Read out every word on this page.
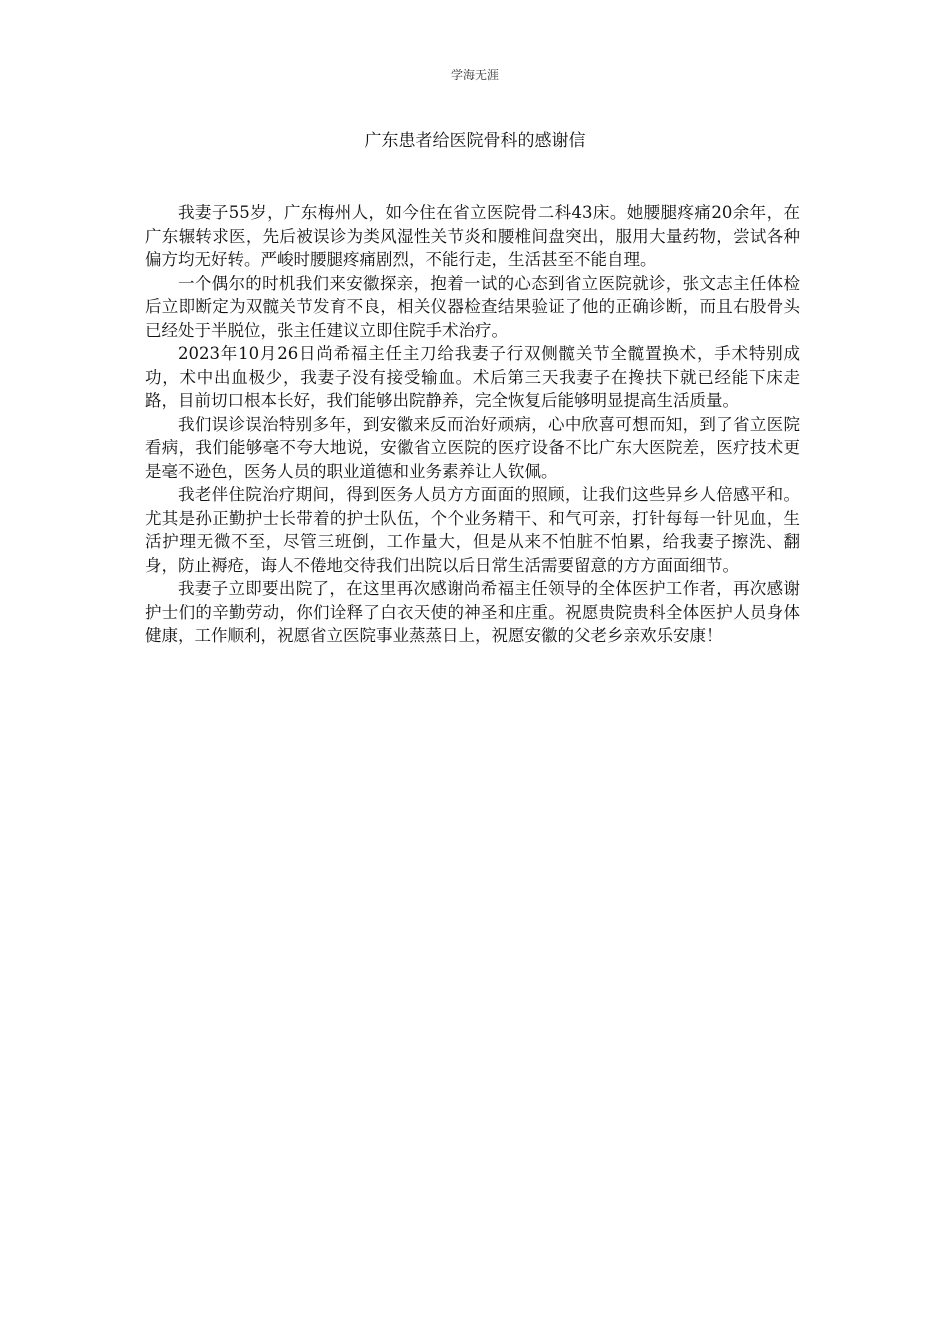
学海无涯
广东患者给医院骨科的感谢信

我妻子55岁，广东梅州人，如今住在省立医院骨二科43床。她腰腿疼痛20余年，在广东辗转求医，先后被误诊为类风湿性关节炎和腰椎间盘突出，服用大量药物，尝试各种偏方均无好转。严峻时腰腿疼痛剧烈，不能行走，生活甚至不能自理。

一个偶尔的时机我们来安徽探亲，抱着一试的心态到省立医院就诊，张文志主任体检后立即断定为双髋关节发育不良，相关仪器检查结果验证了他的正确诊断，而且右股骨头已经处于半脱位，张主任建议立即住院手术治疗。

2023年10月26日尚希福主任主刀给我妻子行双侧髋关节全髋置换术，手术特别成功，术中出血极少，我妻子没有接受输血。术后第三天我妻子在搀扶下就已经能下床走路，目前切口根本长好，我们能够出院静养，完全恢复后能够明显提高生活质量。

我们误诊误治特别多年，到安徽来反而治好顽病，心中欣喜可想而知，到了省立医院看病，我们能够毫不夸大地说，安徽省立医院的医疗设备不比广东大医院差，医疗技术更是毫不逊色，医务人员的职业道德和业务素养让人钦佩。

我老伴住院治疗期间，得到医务人员方方面面的照顾，让我们这些异乡人倍感平和。尤其是孙正勤护士长带着的护士队伍，个个业务精干、和气可亲，打针每每一针见血，生活护理无微不至，尽管三班倒，工作量大，但是从来不怕脏不怕累，给我妻子擦洗、翻身，防止褥疮，诲人不倦地交待我们出院以后日常生活需要留意的方方面面细节。

我妻子立即要出院了，在这里再次感谢尚希福主任领导的全体医护工作者，再次感谢护士们的辛勤劳动，你们诠释了白衣天使的神圣和庄重。祝愿贵院贵科全体医护人员身体健康，工作顺利，祝愿省立医院事业蒸蒸日上，祝愿安徽的父老乡亲欢乐安康！
